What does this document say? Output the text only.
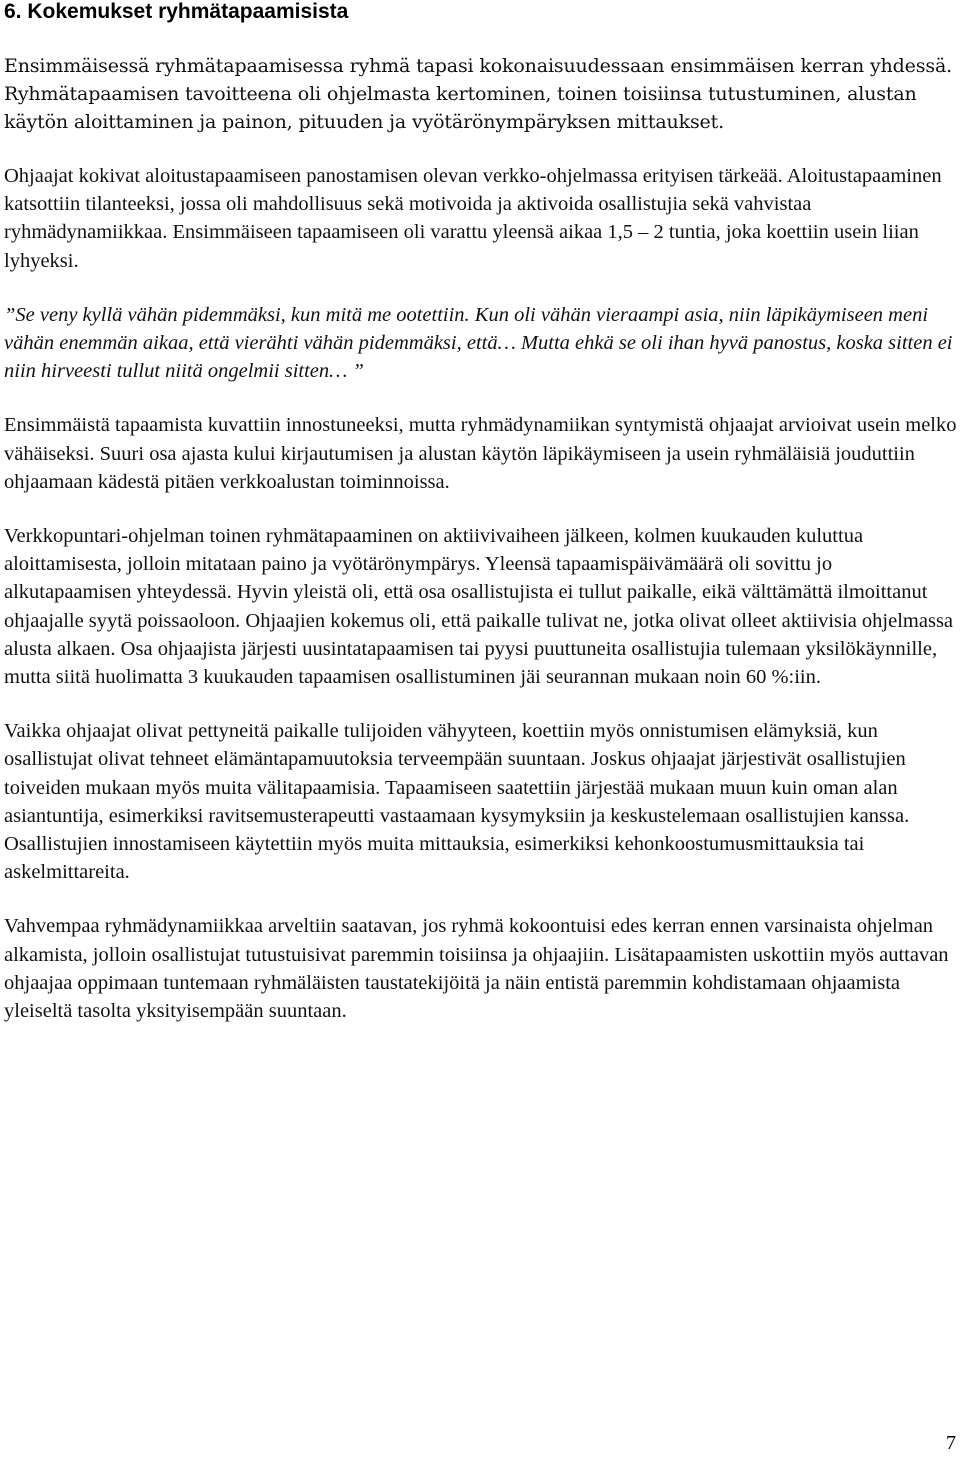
6. Kokemukset ryhmätapaamisista

Ensimmäisessä ryhmätapaamisessa ryhmä tapasi kokonaisuudessaan ensimmäisen kerran yhdessä. Ryhmätapaamisen tavoitteena oli ohjelmasta kertominen, toinen toisiinsa tutustuminen, alustan käytön aloittaminen ja painon, pituuden ja vyötärönympäryksen mittaukset.

Ohjaajat kokivat aloitustapaamiseen panostamisen olevan verkko-ohjelmassa erityisen tärkeää. Aloitustapaaminen katsottiin tilanteeksi, jossa oli mahdollisuus sekä motivoida ja aktivoida osallistujia sekä vahvistaa ryhmädynamiikkaa. Ensimmäiseen tapaamiseen oli varattu yleensä aikaa 1,5 – 2 tuntia, joka koettiin usein liian lyhyeksi.

”Se veny kyllä vähän pidemmäksi, kun mitä me ootettiin. Kun oli vähän vieraampi asia, niin läpikäymiseen meni vähän enemmän aikaa, että vierähti vähän pidemmäksi, että… Mutta ehkä se oli ihan hyvä panostus, koska sitten ei niin hirveesti tullut niitä ongelmii sitten… ”

Ensimmäistä tapaamista kuvattiin innostuneeksi, mutta ryhmädynamiikan syntymistä ohjaajat arvioivat usein melko vähäiseksi. Suuri osa ajasta kului kirjautumisen ja alustan käytön läpikäymiseen ja usein ryhmäläisiä jouduttiin ohjaamaan kädestä pitäen verkkoalustan toiminnoissa.

Verkkopuntari-ohjelman toinen ryhmätapaaminen on aktiivivaiheen jälkeen, kolmen kuukauden kuluttua aloittamisesta, jolloin mitataan paino ja vyötärönympärys. Yleensä tapaamispäivämäärä oli sovittu jo alkutapaamisen yhteydessä. Hyvin yleistä oli, että osa osallistujista ei tullut paikalle, eikä välttämättä ilmoittanut ohjaajalle syytä poissaoloon. Ohjaajien kokemus oli, että paikalle tulivat ne, jotka olivat olleet aktiivisia ohjelmassa alusta alkaen. Osa ohjaajista järjesti uusintatapaamisen tai pyysi puuttuneita osallistujia tulemaan yksilökäynnille, mutta siitä huolimatta 3 kuukauden tapaamisen osallistuminen jäi seurannan mukaan noin 60 %:iin.

Vaikka ohjaajat olivat pettyneitä paikalle tulijoiden vähyyteen, koettiin myös onnistumisen elämyksiä, kun osallistujat olivat tehneet elämäntapamuutoksia terveempään suuntaan. Joskus ohjaajat järjestivät osallistujien toiveiden mukaan myös muita välitapaamisia. Tapaamiseen saatettiin järjestää mukaan muun kuin oman alan asiantuntija, esimerkiksi ravitsemusterapeutti vastaamaan kysymyksiin ja keskustelemaan osallistujien kanssa. Osallistujien innostamiseen käytettiin myös muita mittauksia, esimerkiksi kehonkoostumusmittauksia tai askelmittareita.

Vahvempaa ryhmädynamiikkaa arveltiin saatavan, jos ryhmä kokoontuisi edes kerran ennen varsinaista ohjelman alkamista, jolloin osallistujat tutustuisivat paremmin toisiinsa ja ohjaajiin. Lisätapaamisten uskottiin myös auttavan ohjaajaa oppimaan tuntemaan ryhmäläisten taustatekijöitä ja näin entistä paremmin kohdistamaan ohjaamista yleiseltä tasolta yksityisempään suuntaan.

7
